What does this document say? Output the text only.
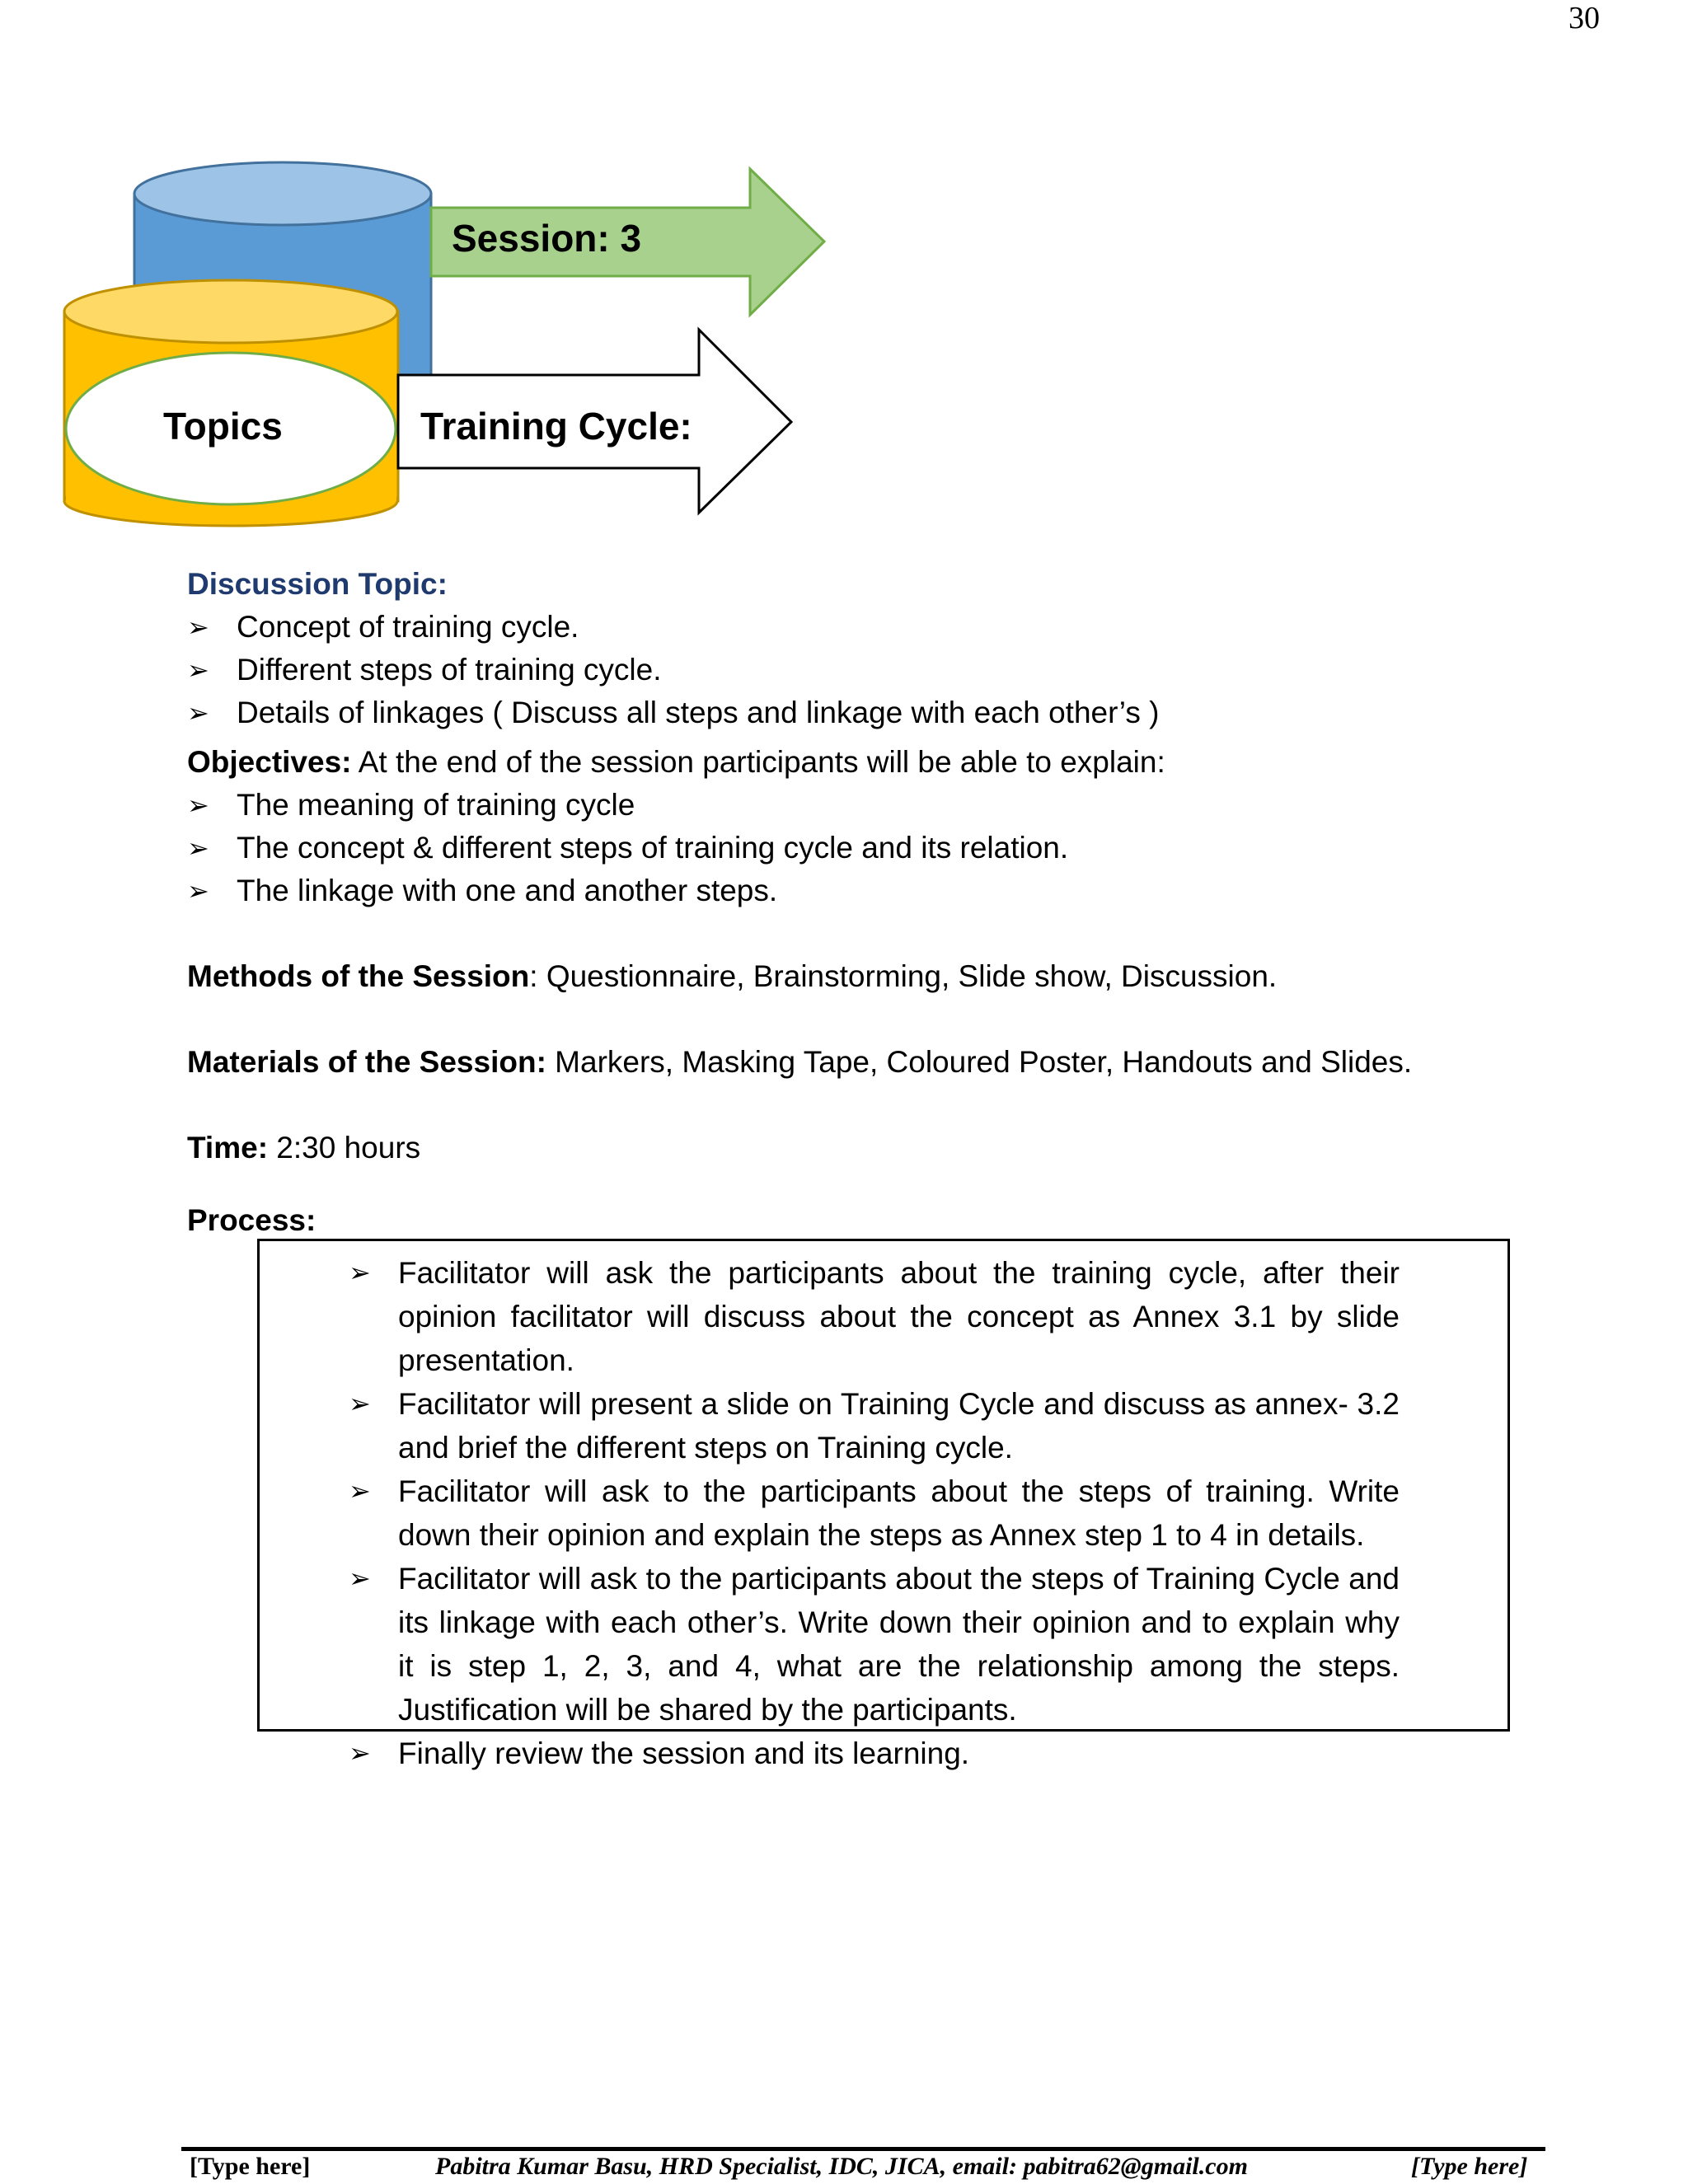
30
Session: 3
Topics	Training Cycle:
Discussion Topic:
➢ Concept of training cycle.
➢ Different steps of training cycle.
➢ Details of linkages ( Discuss all steps and linkage with each other’s )
Objectives: At the end of the session participants will be able to explain:
➢ The meaning of training cycle
➢ The concept & different steps of training cycle and its relation.
➢ The linkage with one and another steps.
Methods of the Session: Questionnaire, Brainstorming, Slide show, Discussion.
Materials of the Session: Markers, Masking Tape, Coloured Poster, Handouts and Slides.
Time: 2:30 hours
Process:
➢ Facilitator will ask the participants about the training cycle, after their opinion facilitator will discuss about the concept as Annex 3.1 by slide presentation.
➢ Facilitator will present a slide on Training Cycle and discuss as annex- 3.2 and brief the different steps on Training cycle.
➢ Facilitator will ask to the participants about the steps of training. Write down their opinion and explain the steps as Annex step 1 to 4 in details.
➢ Facilitator will ask to the participants about the steps of Training Cycle and its linkage with each other’s. Write down their opinion and to explain why it is step 1, 2, 3, and 4, what are the relationship among the steps. Justification will be shared by the participants.
➢ Finally review the session and its learning.
[Type here]	Pabitra Kumar Basu, HRD Specialist, IDC, JICA, email: pabitra62@gmail.com	[Type here]
